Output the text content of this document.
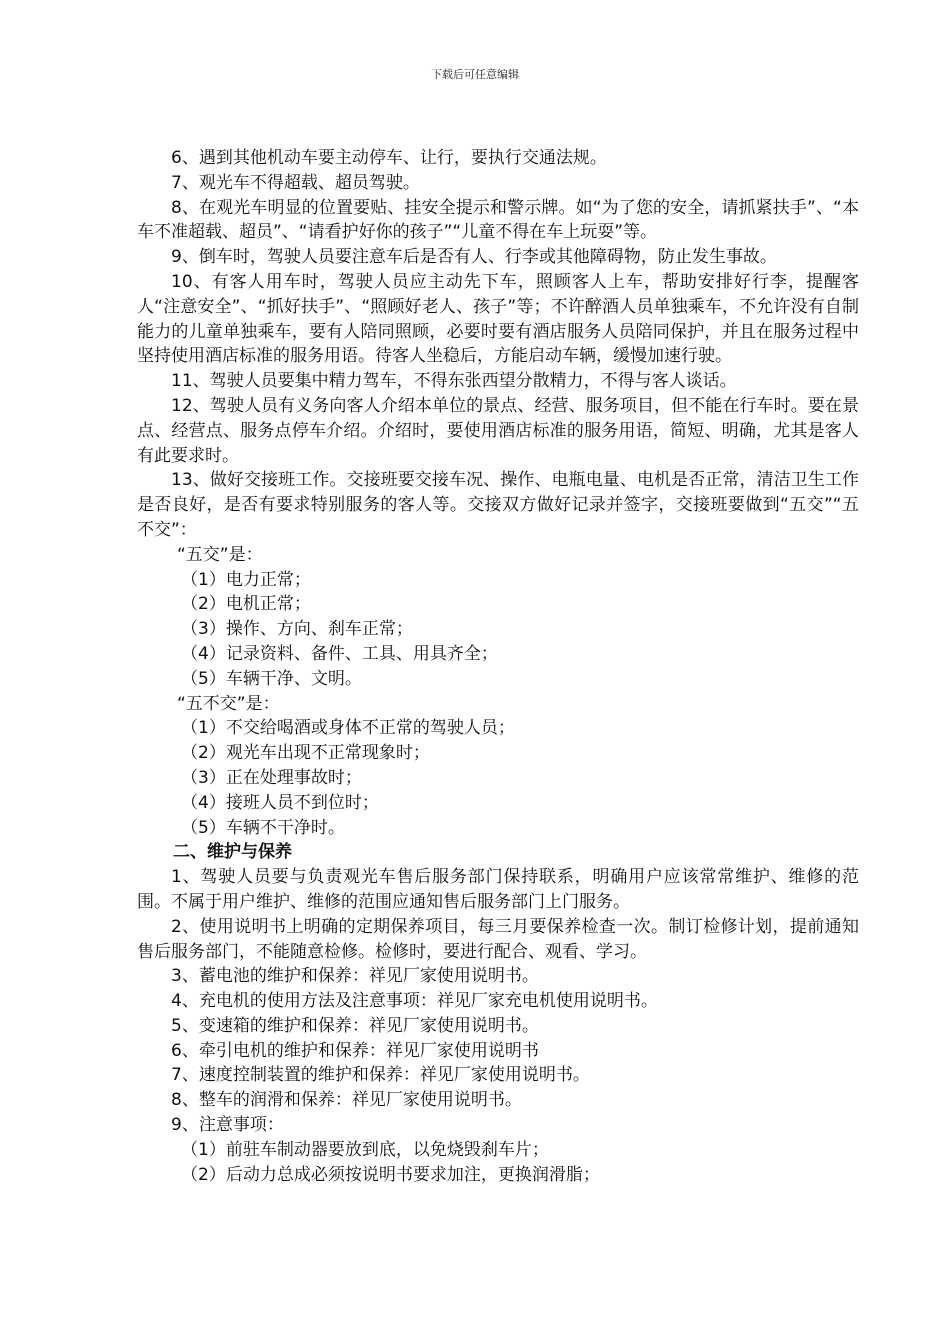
下载后可任意编辑

6、遇到其他机动车要主动停车、让行，要执行交通法规。

7、观光车不得超载、超员驾驶。

8、在观光车明显的位置要贴、挂安全提示和警示牌。如“为了您的安全，请抓紧扶手”、“本车不准超载、超员”、“请看护好你的孩子”“儿童不得在车上玩耍”等。

9、倒车时，驾驶人员要注意车后是否有人、行李或其他障碍物，防止发生事故。

10、有客人用车时，驾驶人员应主动先下车，照顾客人上车，帮助安排好行李，提醒客人“注意安全”、“抓好扶手”、“照顾好老人、孩子”等；不许醉酒人员单独乘车，不允许没有自制能力的儿童单独乘车，要有人陪同照顾，必要时要有酒店服务人员陪同保护，并且在服务过程中坚持使用酒店标准的服务用语。待客人坐稳后，方能启动车辆，缓慢加速行驶。

11、驾驶人员要集中精力驾车，不得东张西望分散精力，不得与客人谈话。

12、驾驶人员有义务向客人介绍本单位的景点、经营、服务项目，但不能在行车时。要在景点、经营点、服务点停车介绍。介绍时，要使用酒店标准的服务用语，简短、明确，尤其是客人有此要求时。

13、做好交接班工作。交接班要交接车况、操作、电瓶电量、电机是否正常，清洁卫生工作是否良好，是否有要求特别服务的客人等。交接双方做好记录并签字，交接班要做到“五交”“五不交”：

“五交”是：

（1）电力正常；

（2）电机正常；

（3）操作、方向、刹车正常；

（4）记录资料、备件、工具、用具齐全；

（5）车辆干净、文明。

“五不交”是：

（1）不交给喝酒或身体不正常的驾驶人员；

（2）观光车出现不正常现象时；

（3）正在处理事故时；

（4）接班人员不到位时；

（5）车辆不干净时。

二、维护与保养

1、驾驶人员要与负责观光车售后服务部门保持联系，明确用户应该常常维护、维修的范围。不属于用户维护、维修的范围应通知售后服务部门上门服务。

2、使用说明书上明确的定期保养项目，每三月要保养检查一次。制订检修计划，提前通知售后服务部门，不能随意检修。检修时，要进行配合、观看、学习。

3、蓄电池的维护和保养：祥见厂家使用说明书。

4、充电机的使用方法及注意事项：祥见厂家充电机使用说明书。

5、变速箱的维护和保养：祥见厂家使用说明书。

6、牵引电机的维护和保养：祥见厂家使用说明书

7、速度控制装置的维护和保养：祥见厂家使用说明书。

8、整车的润滑和保养：祥见厂家使用说明书。

9、注意事项：

（1）前驻车制动器要放到底，以免烧毁刹车片；

（2）后动力总成必须按说明书要求加注，更换润滑脂；
